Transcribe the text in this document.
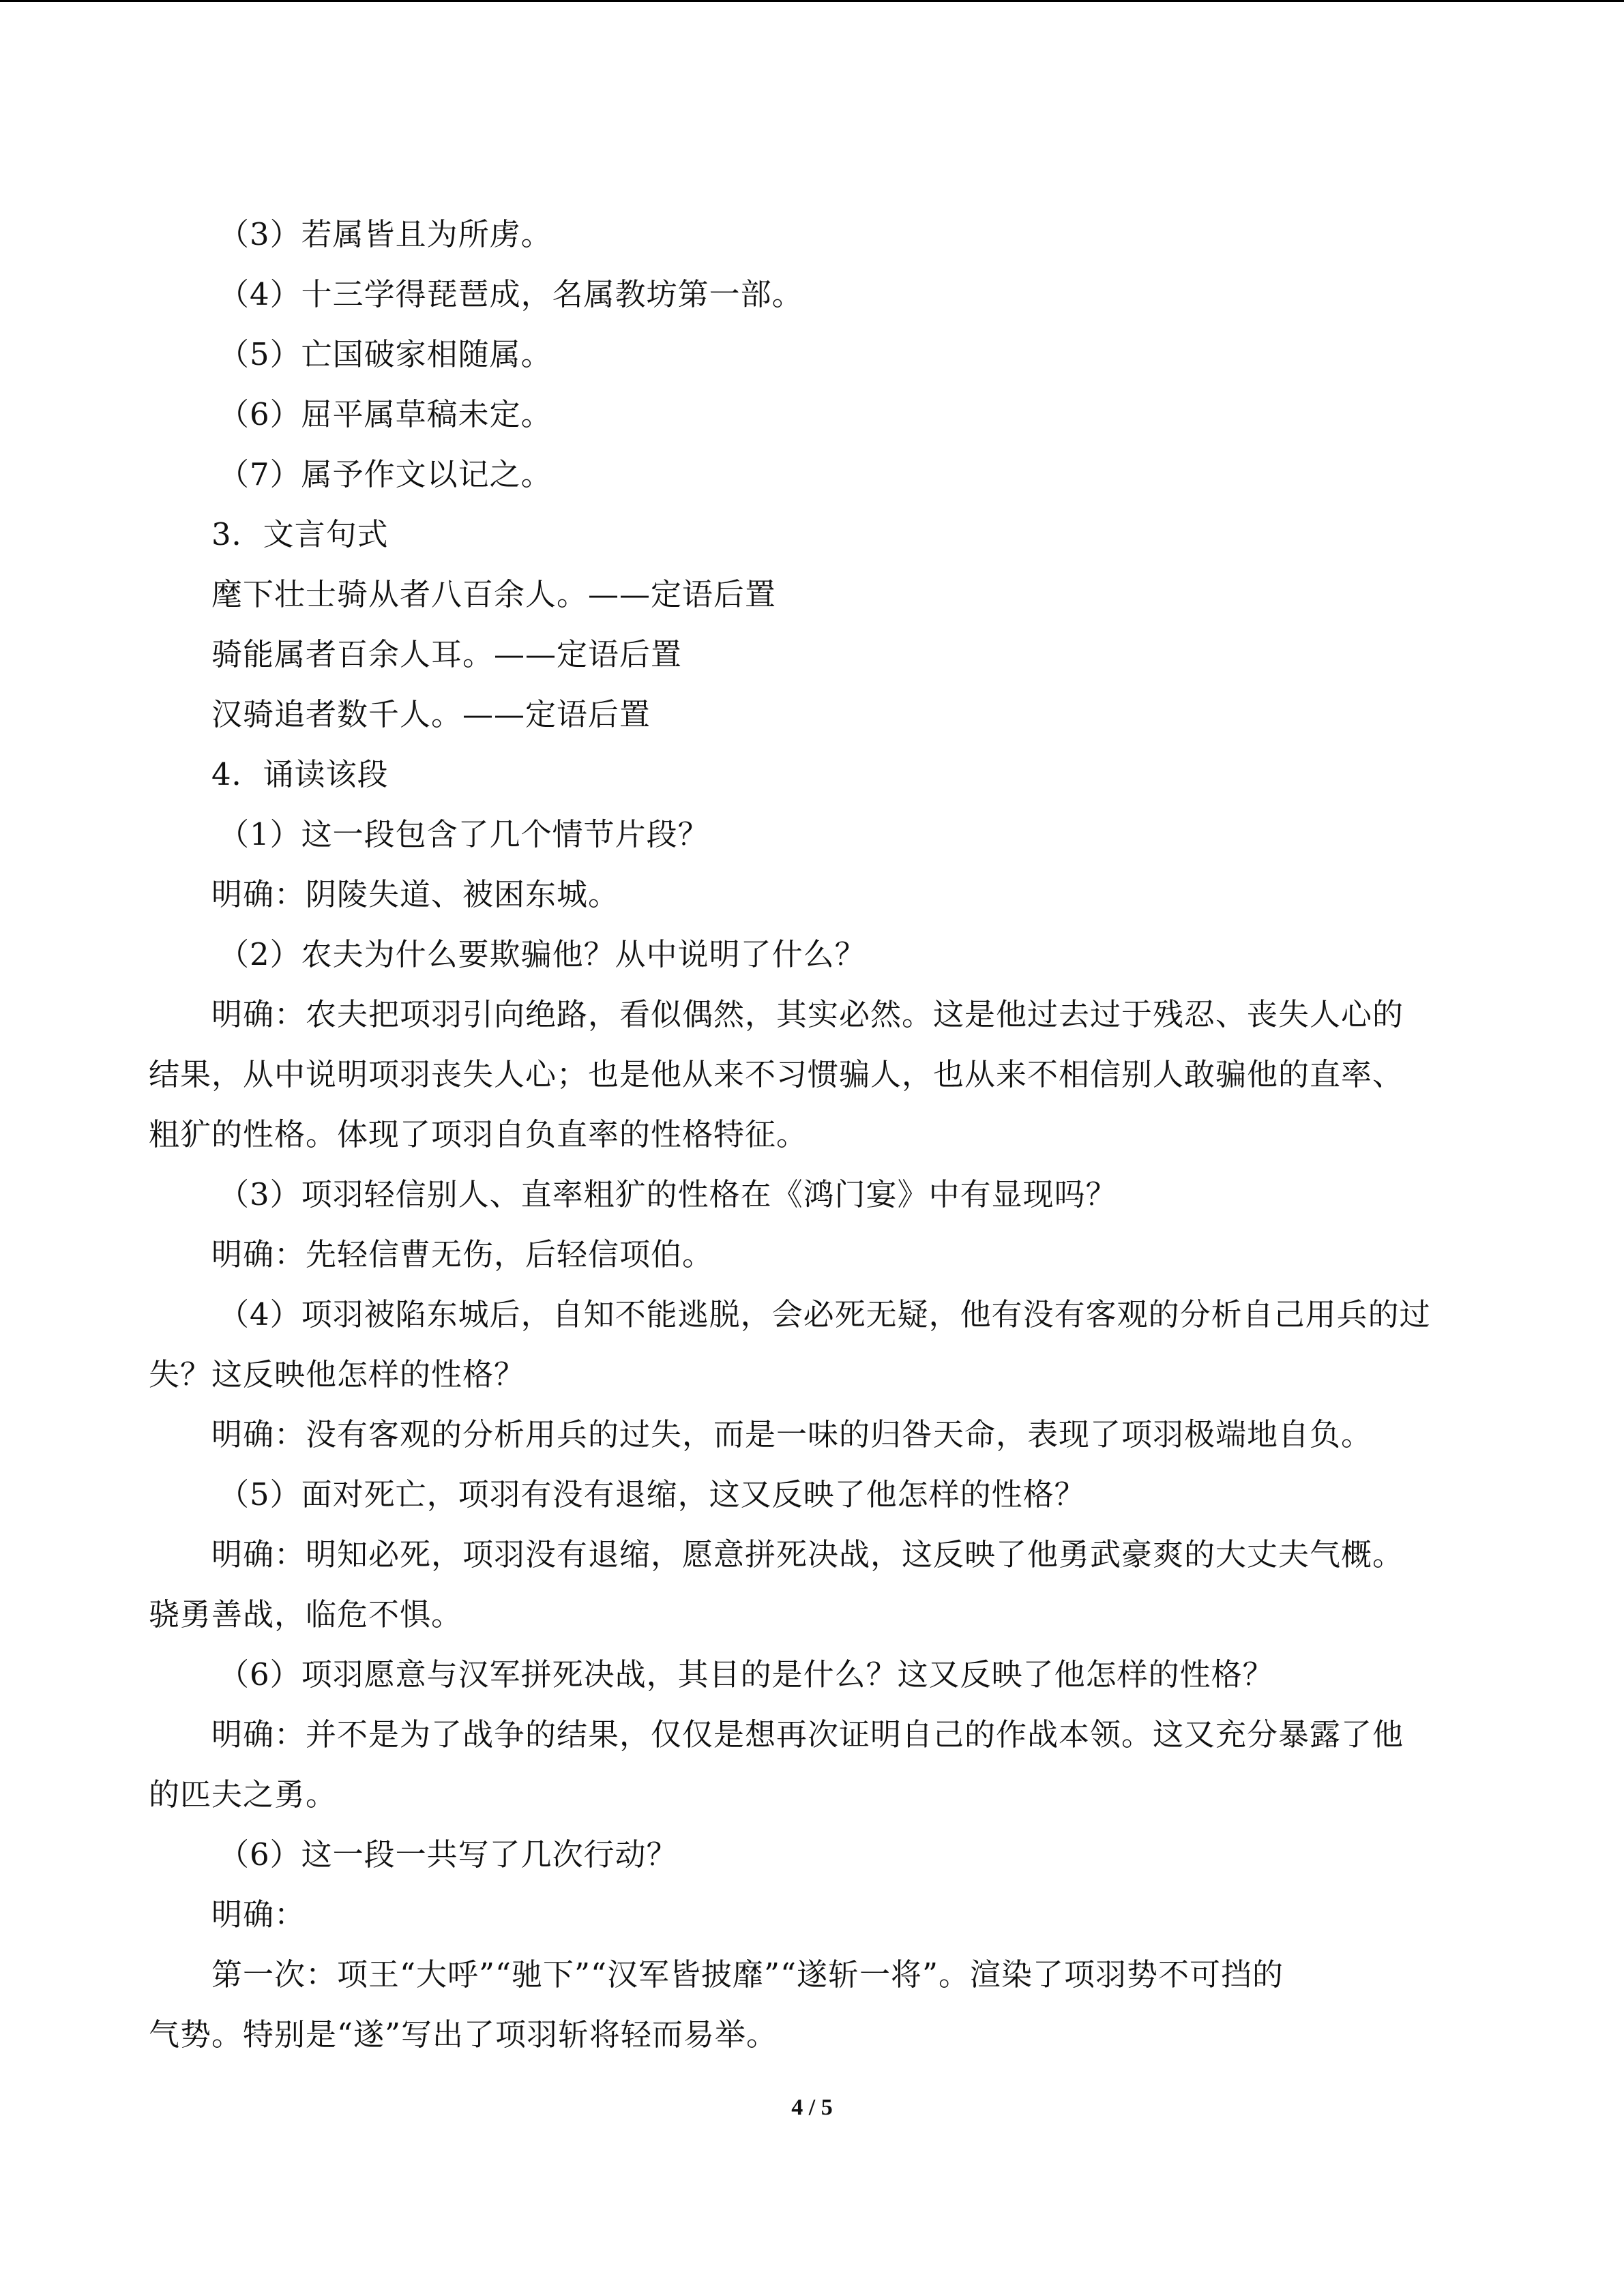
（3）若属皆且为所虏。
（4）十三学得琵琶成，名属教坊第一部。
（5）亡国破家相随属。
（6）屈平属草稿未定。
（7）属予作文以记之。
3．文言句式
麾下壮士骑从者八百余人。——定语后置
骑能属者百余人耳。——定语后置
汉骑追者数千人。——定语后置
4．诵读该段
（1）这一段包含了几个情节片段？
明确：阴陵失道、被困东城。
（2）农夫为什么要欺骗他？从中说明了什么？
明确：农夫把项羽引向绝路，看似偶然，其实必然。这是他过去过于残忍、丧失人心的
结果，从中说明项羽丧失人心；也是他从来不习惯骗人，也从来不相信别人敢骗他的直率、
粗犷的性格。体现了项羽自负直率的性格特征。
（3）项羽轻信别人、直率粗犷的性格在《鸿门宴》中有显现吗？
明确：先轻信曹无伤，后轻信项伯。
（4）项羽被陷东城后，自知不能逃脱，会必死无疑，他有没有客观的分析自己用兵的过
失？这反映他怎样的性格？
明确：没有客观的分析用兵的过失，而是一味的归咎天命，表现了项羽极端地自负。
（5）面对死亡，项羽有没有退缩，这又反映了他怎样的性格？
明确：明知必死，项羽没有退缩，愿意拼死决战，这反映了他勇武豪爽的大丈夫气概。
骁勇善战，临危不惧。
（6）项羽愿意与汉军拼死决战，其目的是什么？这又反映了他怎样的性格？
明确：并不是为了战争的结果，仅仅是想再次证明自己的作战本领。这又充分暴露了他
的匹夫之勇。
（6）这一段一共写了几次行动？
明确：
第一次：项王“大呼”“驰下”“汉军皆披靡”“遂斩一将”。渲染了项羽势不可挡的
气势。特别是“遂”写出了项羽斩将轻而易举。
4 / 5
